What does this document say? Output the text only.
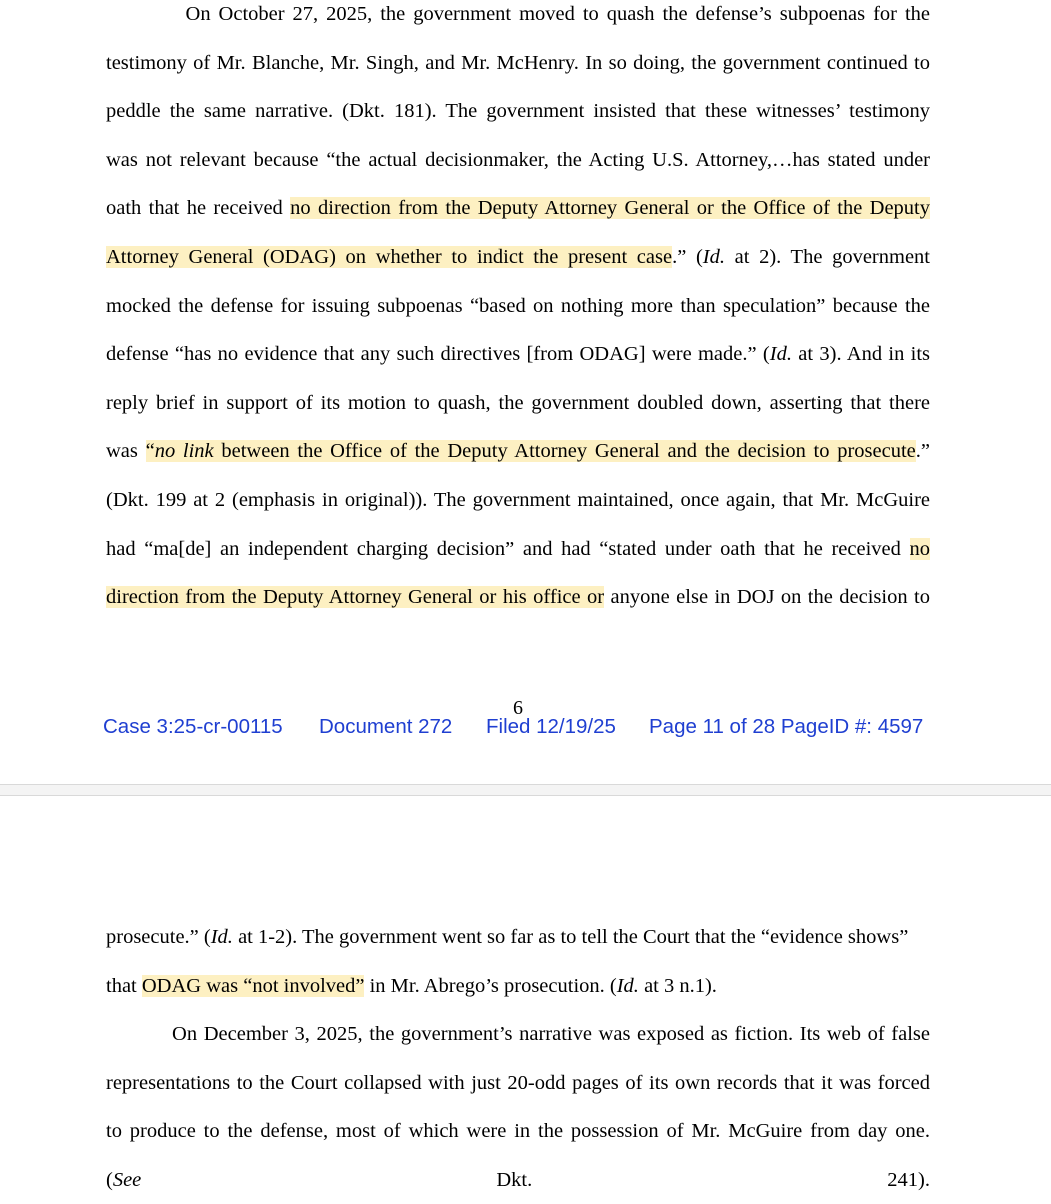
On October 27, 2025, the government moved to quash the defense’s subpoenas for the
testimony of Mr. Blanche, Mr. Singh, and Mr. McHenry. In so doing, the government continued to
peddle the same narrative. (Dkt. 181). The government insisted that these witnesses’ testimony
was not relevant because “the actual decisionmaker, the Acting U.S. Attorney,…has stated under
oath that he received no direction from the Deputy Attorney General or the Office of the Deputy
Attorney General (ODAG) on whether to indict the present case.” (Id. at 2). The government
mocked the defense for issuing subpoenas “based on nothing more than speculation” because the
defense “has no evidence that any such directives [from ODAG] were made.” (Id. at 3). And in its
reply brief in support of its motion to quash, the government doubled down, asserting that there
was “no link between the Office of the Deputy Attorney General and the decision to prosecute.”
(Dkt. 199 at 2 (emphasis in original)). The government maintained, once again, that Mr. McGuire
had “ma[de] an independent charging decision” and had “stated under oath that he received no
direction from the Deputy Attorney General or his office or anyone else in DOJ on the decision to
6
Case 3:25-cr-00115 Document 272 Filed 12/19/25 Page 11 of 28 PageID #: 4597
prosecute.” (Id. at 1-2). The government went so far as to tell the Court that the “evidence shows”
that ODAG was “not involved” in Mr. Abrego’s prosecution. (Id. at 3 n.1).
On December 3, 2025, the government’s narrative was exposed as fiction. Its web of false
representations to the Court collapsed with just 20-odd pages of its own records that it was forced
to produce to the defense, most of which were in the possession of Mr. McGuire from day one.
(See Dkt. 241).
